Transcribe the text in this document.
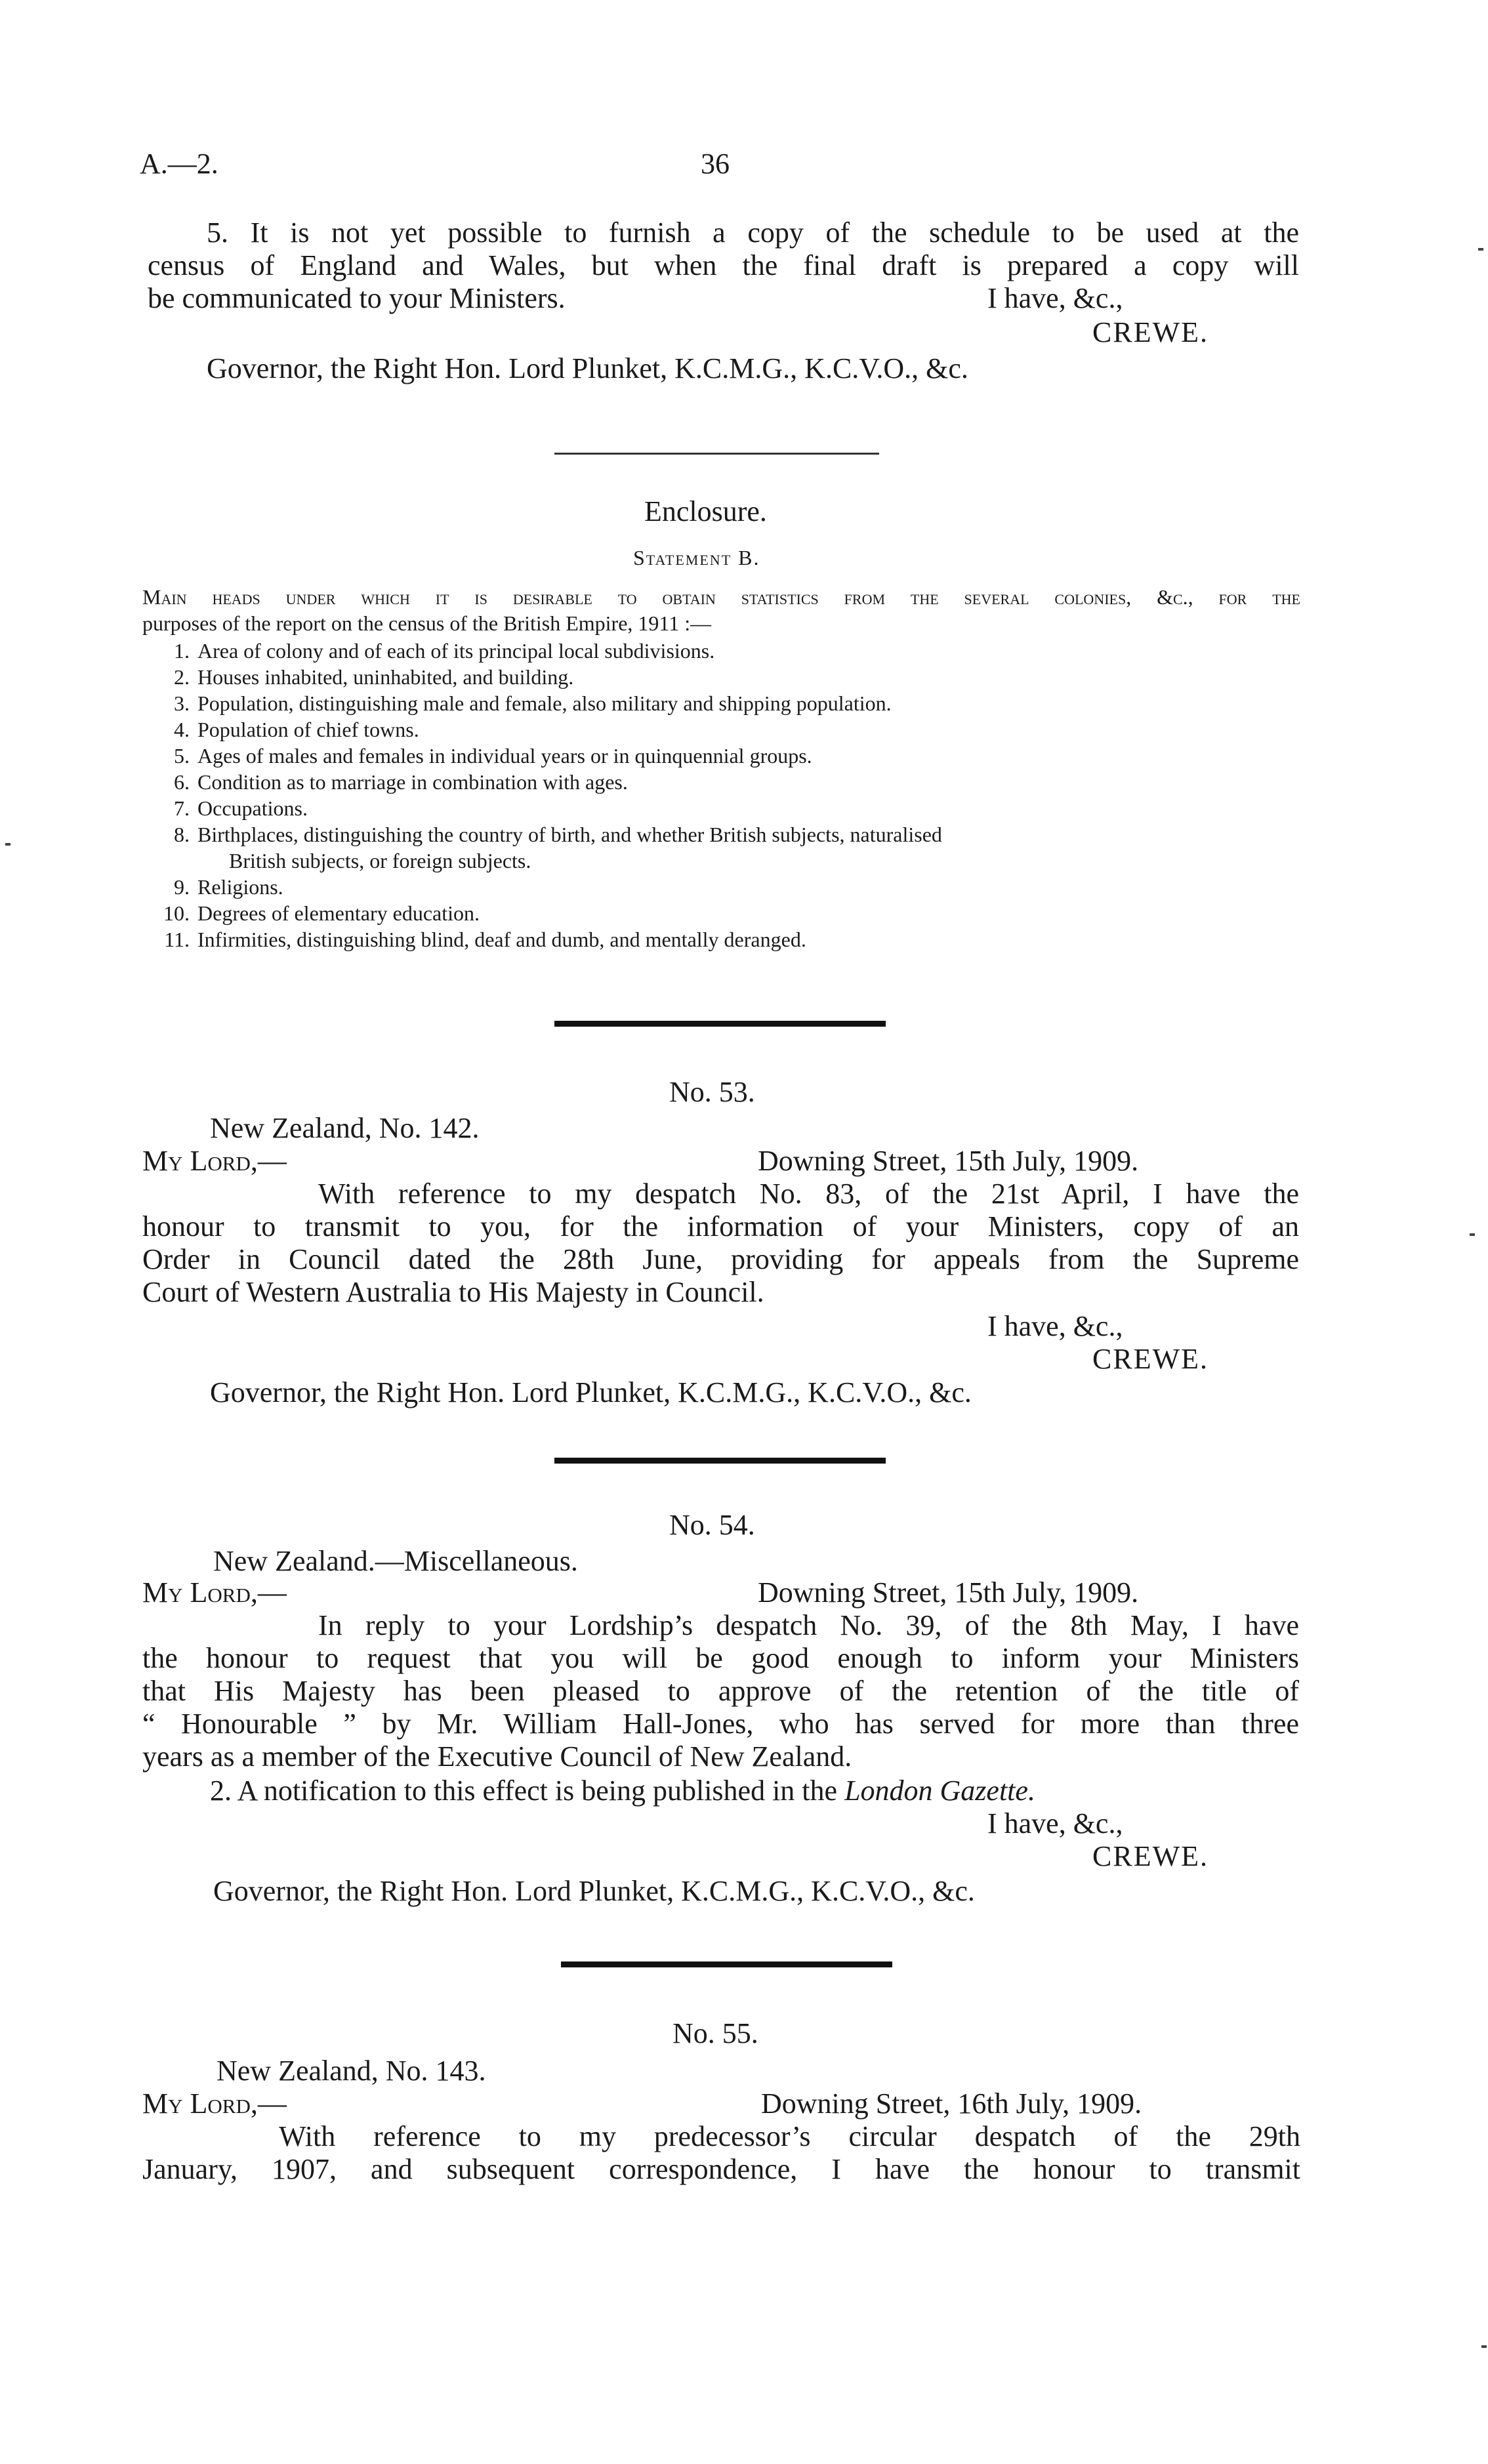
A.—2.	36
5. It is not yet possible to furnish a copy of the schedule to be used at the
census of England and Wales, but when the final draft is prepared a copy will
be communicated to your Ministers.	I have, &c.,
CREWE.
Governor, the Right Hon. Lord Plunket, K.C.M.G., K.C.V.O., &c.
Enclosure.
Statement B.
Main heads under which it is desirable to obtain statistics from the several colonies, &c., for the
purposes of the report on the census of the British Empire, 1911 :—
1. Area of colony and of each of its principal local subdivisions.
2. Houses inhabited, uninhabited, and building.
3. Population, distinguishing male and female, also military and shipping population.
4. Population of chief towns.
5. Ages of males and females in individual years or in quinquennial groups.
6. Condition as to marriage in combination with ages.
7. Occupations.
8. Birthplaces, distinguishing the country of birth, and whether British subjects, naturalised
British subjects, or foreign subjects.
9. Religions.
10. Degrees of elementary education.
11. Infirmities, distinguishing blind, deaf and dumb, and mentally deranged.
No. 53.
New Zealand, No. 142.
My Lord,—	Downing Street, 15th July, 1909.
With reference to my despatch No. 83, of the 21st April, I have the
honour to transmit to you, for the information of your Ministers, copy of an
Order in Council dated the 28th June, providing for appeals from the Supreme
Court of Western Australia to His Majesty in Council.
I have, &c.,
CREWE.
Governor, the Right Hon. Lord Plunket, K.C.M.G., K.C.V.O., &c.
No. 54.
New Zealand.—Miscellaneous.
My Lord,—	Downing Street, 15th July, 1909.
In reply to your Lordship’s despatch No. 39, of the 8th May, I have
the honour to request that you will be good enough to inform your Ministers
that His Majesty has been pleased to approve of the retention of the title of
“ Honourable ” by Mr. William Hall-Jones, who has served for more than three
years as a member of the Executive Council of New Zealand.
2. A notification to this effect is being published in the London Gazette.
I have, &c.,
CREWE.
Governor, the Right Hon. Lord Plunket, K.C.M.G., K.C.V.O., &c.
No. 55.
New Zealand, No. 143.
My Lord,—	Downing Street, 16th July, 1909.
With reference to my predecessor’s circular despatch of the 29th
January, 1907, and subsequent correspondence, I have the honour to transmit
